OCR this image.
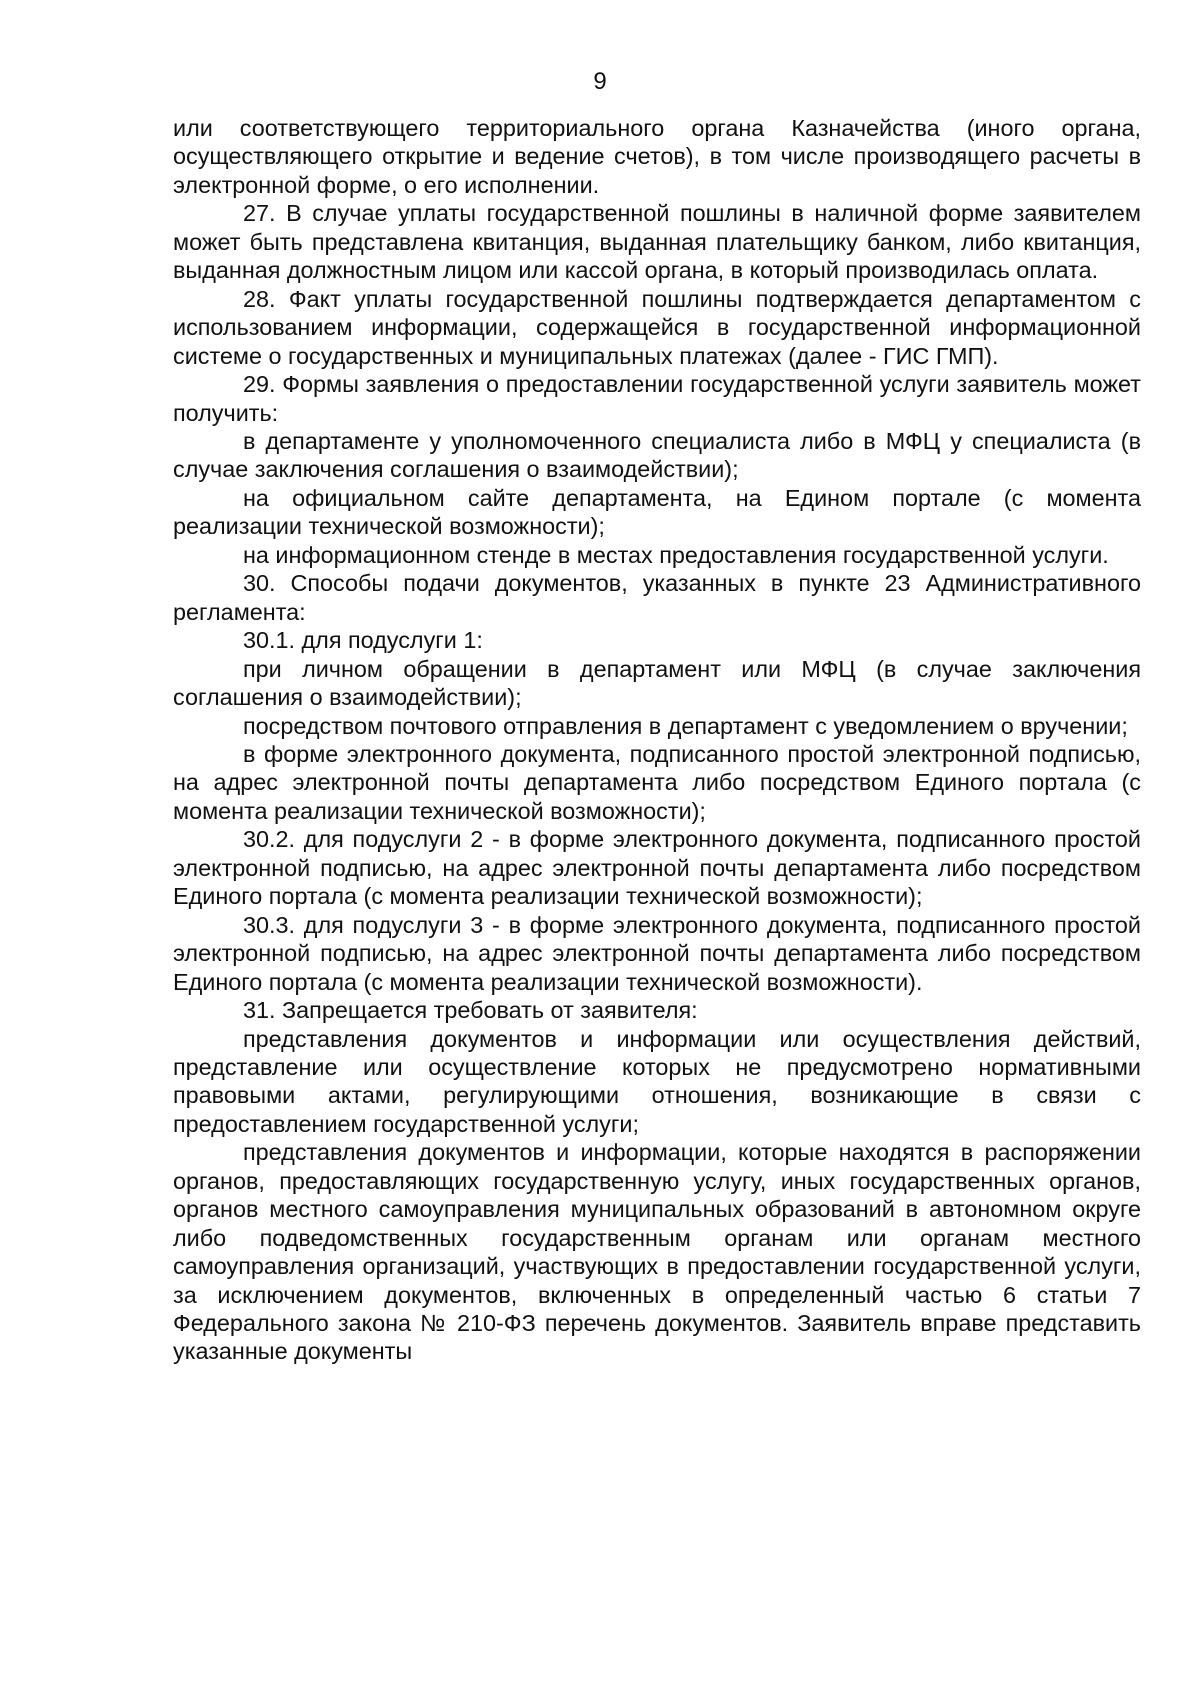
9

или соответствующего территориального органа Казначейства (иного органа, осуществляющего открытие и ведение счетов), в том числе производящего расчеты в электронной форме, о его исполнении.

27. В случае уплаты государственной пошлины в наличной форме заявителем может быть представлена квитанция, выданная плательщику банком, либо квитанция, выданная должностным лицом или кассой органа, в который производилась оплата.

28. Факт уплаты государственной пошлины подтверждается департаментом с использованием информации, содержащейся в государственной информационной системе о государственных и муниципальных платежах (далее - ГИС ГМП).

29. Формы заявления о предоставлении государственной услуги заявитель может получить:

в департаменте у уполномоченного специалиста либо в МФЦ у специалиста (в случае заключения соглашения о взаимодействии);

на официальном сайте департамента, на Едином портале (с момента реализации технической возможности);

на информационном стенде в местах предоставления государственной услуги.

30. Способы подачи документов, указанных в пункте 23 Административного регламента:

30.1. для подуслуги 1:

при личном обращении в департамент или МФЦ (в случае заключения соглашения о взаимодействии);

посредством почтового отправления в департамент с уведомлением о вручении;

в форме электронного документа, подписанного простой электронной подписью, на адрес электронной почты департамента либо посредством Единого портала (с момента реализации технической возможности);

30.2. для подуслуги 2 - в форме электронного документа, подписанного простой электронной подписью, на адрес электронной почты департамента либо посредством Единого портала (с момента реализации технической возможности);

30.3. для подуслуги 3 - в форме электронного документа, подписанного простой электронной подписью, на адрес электронной почты департамента либо посредством Единого портала (с момента реализации технической возможности).

31. Запрещается требовать от заявителя:

представления документов и информации или осуществления действий, представление или осуществление которых не предусмотрено нормативными правовыми актами, регулирующими отношения, возникающие в связи с предоставлением государственной услуги;

представления документов и информации, которые находятся в распоряжении органов, предоставляющих государственную услугу, иных государственных органов, органов местного самоуправления муниципальных образований в автономном округе либо подведомственных государственным органам или органам местного самоуправления организаций, участвующих в предоставлении государственной услуги, за исключением документов, включенных в определенный частью 6 статьи 7 Федерального закона № 210-ФЗ перечень документов. Заявитель вправе представить указанные документы
